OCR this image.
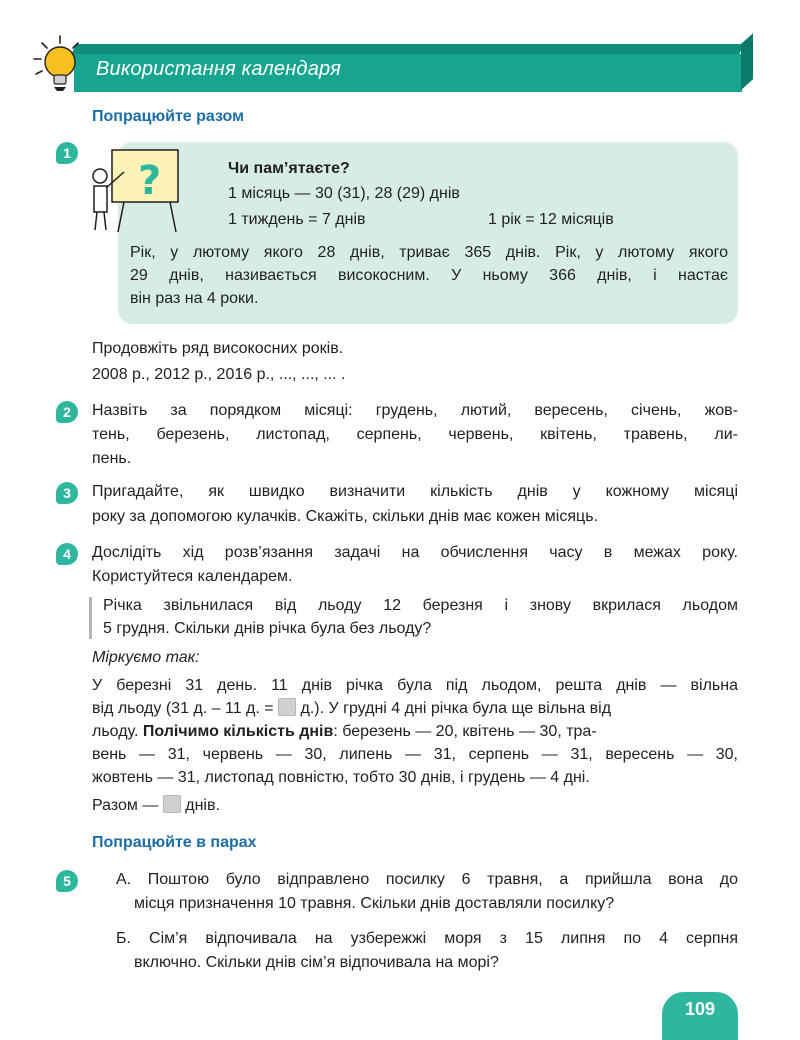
Використання календаря
Попрацюйте разом
1
?	Чи пам’ятаєте?
1 місяць — 30 (31), 28 (29) днів
1 тиждень = 7 днів	1 рік = 12 місяців
Рік, у лютому якого 28 днів, триває 365 днів. Рік, у лютому якого
29 днів, називається високосним. У ньому 366 днів, і настає
він раз на 4 роки.
Продовжіть ряд високосних років.
2008 р., 2012 р., 2016 р., ..., ..., ... .
2	Назвіть за порядком місяці: грудень, лютий, вересень, січень, жов-
тень, березень, листопад, серпень, червень, квітень, травень, ли-
пень.
3	Пригадайте, як швидко визначити кількість днів у кожному місяці
року за допомогою кулачків. Скажіть, скільки днів має кожен місяць.
4	Дослідіть хід розв’язання задачі на обчислення часу в межах року.
Користуйтеся календарем.
Річка звільнилася від льоду 12 березня і знову вкрилася льодом
5 грудня. Скільки днів річка була без льоду?
Міркуємо так:
У березні 31 день. 11 днів річка була під льодом, решта днів — вільна
від льоду (31 д. – 11 д. =  д.). У грудні 4 дні річка була ще вільна від
льоду. Полічимо кількість днів: березень — 20, квітень — 30, тра-
вень — 31, червень — 30, липень — 31, серпень — 31, вересень — 30,
жовтень — 31, листопад повністю, тобто 30 днів, і грудень — 4 дні.
Разом —  днів.
Попрацюйте в парах
5	А. Поштою було відправлено посилку 6 травня, а прийшла вона до
місця призначення 10 травня. Скільки днів доставляли посилку?
Б. Сім’я відпочивала на узбережжі моря з 15 липня по 4 серпня
включно. Скільки днів сім’я відпочивала на морі?
109
